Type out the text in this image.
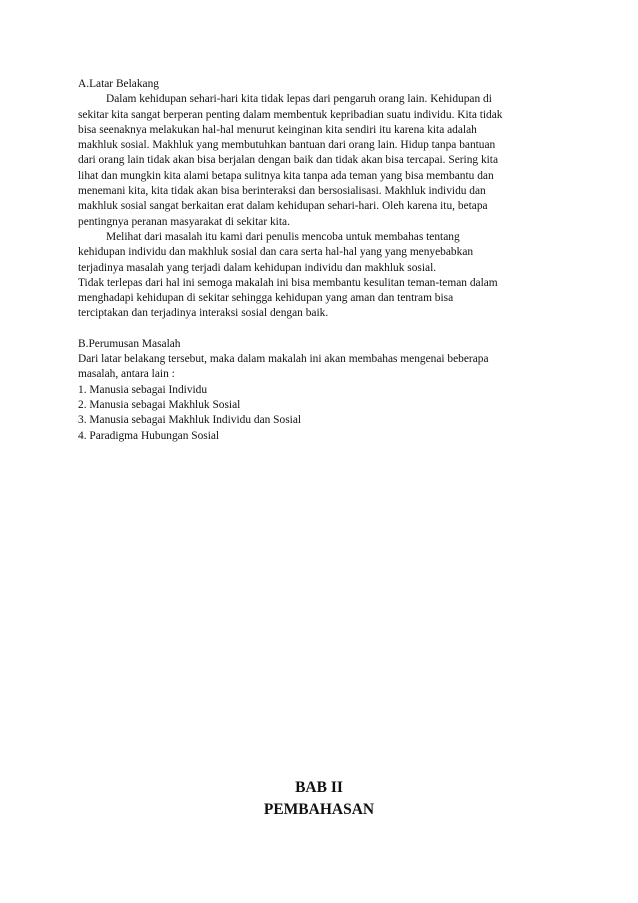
A.Latar Belakang
Dalam kehidupan sehari-hari kita tidak lepas dari pengaruh orang lain. Kehidupan di
sekitar kita sangat berperan penting dalam membentuk kepribadian suatu individu. Kita tidak
bisa seenaknya melakukan hal-hal menurut keinginan kita sendiri itu karena kita adalah
makhluk sosial. Makhluk yang membutuhkan bantuan dari orang lain. Hidup tanpa bantuan
dari orang lain tidak akan bisa berjalan dengan baik dan tidak akan bisa tercapai. Sering kita
lihat dan mungkin kita alami betapa sulitnya kita tanpa ada teman yang bisa membantu dan
menemani kita, kita tidak akan bisa berinteraksi dan bersosialisasi. Makhluk individu dan
makhluk sosial sangat berkaitan erat dalam kehidupan sehari-hari. Oleh karena itu, betapa
pentingnya peranan masyarakat di sekitar kita.
Melihat dari masalah itu kami dari penulis mencoba untuk membahas tentang
kehidupan individu dan makhluk sosial dan cara serta hal-hal yang yang menyebabkan
terjadinya masalah yang terjadi dalam kehidupan individu dan makhluk sosial.
Tidak terlepas dari hal ini semoga makalah ini bisa membantu kesulitan teman-teman dalam
menghadapi kehidupan di sekitar sehingga kehidupan yang aman dan tentram bisa
terciptakan dan terjadinya interaksi sosial dengan baik.
B.Perumusan Masalah
Dari latar belakang tersebut, maka dalam makalah ini akan membahas mengenai beberapa
masalah, antara lain :
1. Manusia sebagai Individu
2. Manusia sebagai Makhluk Sosial
3. Manusia sebagai Makhluk Individu dan Sosial
4. Paradigma Hubungan Sosial
BAB II
PEMBAHASAN
